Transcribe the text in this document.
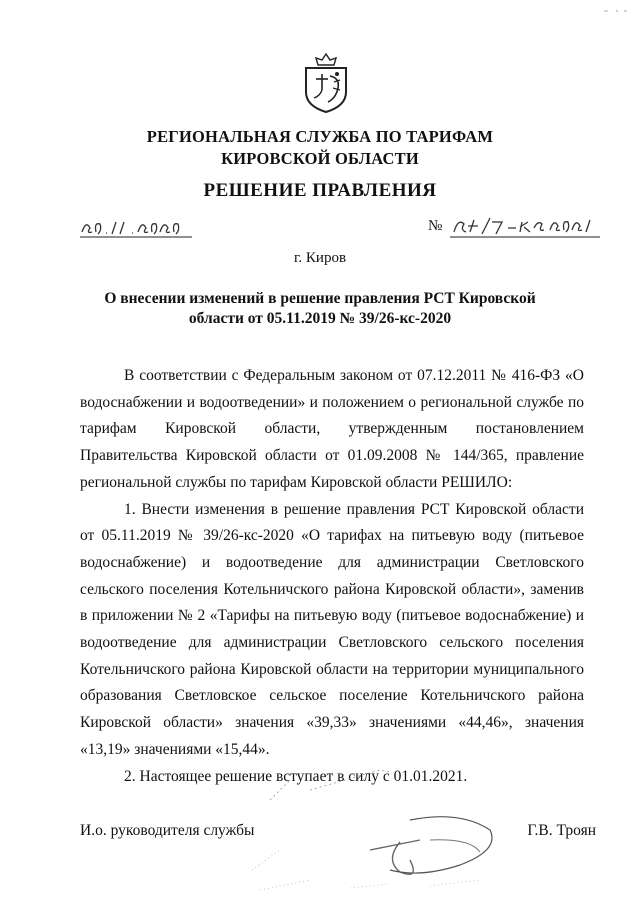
РЕГИОНАЛЬНАЯ СЛУЖБА ПО ТАРИФАМ
КИРОВСКОЙ ОБЛАСТИ
РЕШЕНИЕ ПРАВЛЕНИЯ
№
г. Киров
О внесении изменений в решение правления РСТ Кировской
области от 05.11.2019 № 39/26-кс-2020

В соответствии с Федеральным законом от 07.12.2011 № 416-ФЗ «О водоснабжении и водоотведении» и положением о региональной службе по тарифам Кировской области, утвержденным постановлением Правительства Кировской области от 01.09.2008 № 144/365, правление региональной службы по тарифам Кировской области РЕШИЛО:

1. Внести изменения в решение правления РСТ Кировской области от 05.11.2019 № 39/26-кс-2020 «О тарифах на питьевую воду (питьевое водоснабжение) и водоотведение для администрации Светловского сельского поселения Котельничского района Кировской области», заменив в приложении № 2 «Тарифы на питьевую воду (питьевое водоснабжение) и водоотведение для администрации Светловского сельского поселения Котельничского района Кировской области на территории муниципального образования Светловское сельское поселение Котельничского района Кировской области» значения «39,33» значениями «44,46», значения «13,19» значениями «15,44».

2. Настоящее решение вступает в силу с 01.01.2021.

И.о. руководителя службы	Г.В. Троян
